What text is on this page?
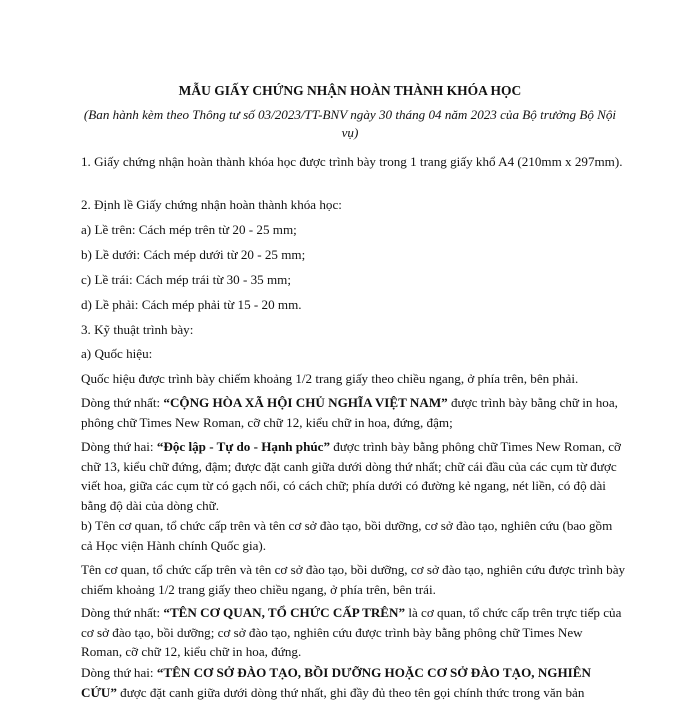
MẪU GIẤY CHỨNG NHẬN HOÀN THÀNH KHÓA HỌC
(Ban hành kèm theo Thông tư số 03/2023/TT-BNV ngày 30 tháng 04 năm 2023 của Bộ trưởng Bộ Nội vụ)

1. Giấy chứng nhận hoàn thành khóa học được trình bày trong 1 trang giấy khổ A4 (210mm x 297mm).

2. Định lề Giấy chứng nhận hoàn thành khóa học:

a) Lề trên: Cách mép trên từ 20 - 25 mm;

b) Lề dưới: Cách mép dưới từ 20 - 25 mm;

c) Lề trái: Cách mép trái từ 30 - 35 mm;

d) Lề phải: Cách mép phải từ 15 - 20 mm.

3. Kỹ thuật trình bày:

a) Quốc hiệu:

Quốc hiệu được trình bày chiếm khoảng 1/2 trang giấy theo chiều ngang, ở phía trên, bên phải.

Dòng thứ nhất: “CỘNG HÒA XÃ HỘI CHỦ NGHĨA VIỆT NAM” được trình bày bằng chữ in hoa, phông chữ Times New Roman, cỡ chữ 12, kiểu chữ in hoa, đứng, đậm;

Dòng thứ hai: “Độc lập - Tự do - Hạnh phúc” được trình bày bằng phông chữ Times New Roman, cỡ chữ 13, kiểu chữ đứng, đậm; được đặt canh giữa dưới dòng thứ nhất; chữ cái đầu của các cụm từ được viết hoa, giữa các cụm từ có gạch nối, có cách chữ; phía dưới có đường kẻ ngang, nét liền, có độ dài bằng độ dài của dòng chữ.

b) Tên cơ quan, tổ chức cấp trên và tên cơ sở đào tạo, bồi dưỡng, cơ sở đào tạo, nghiên cứu (bao gồm cả Học viện Hành chính Quốc gia).

Tên cơ quan, tổ chức cấp trên và tên cơ sở đào tạo, bồi dưỡng, cơ sở đào tạo, nghiên cứu được trình bày chiếm khoảng 1/2 trang giấy theo chiều ngang, ở phía trên, bên trái.

Dòng thứ nhất: “TÊN CƠ QUAN, TỔ CHỨC CẤP TRÊN” là cơ quan, tổ chức cấp trên trực tiếp của cơ sở đào tạo, bồi dưỡng; cơ sở đào tạo, nghiên cứu được trình bày bằng phông chữ Times New Roman, cỡ chữ 12, kiểu chữ in hoa, đứng.

Dòng thứ hai: “TÊN CƠ SỞ ĐÀO TẠO, BỒI DƯỠNG HOẶC CƠ SỞ ĐÀO TẠO, NGHIÊN CỨU” được đặt canh giữa dưới dòng thứ nhất, ghi đầy đủ theo tên gọi chính thức trong văn bản
